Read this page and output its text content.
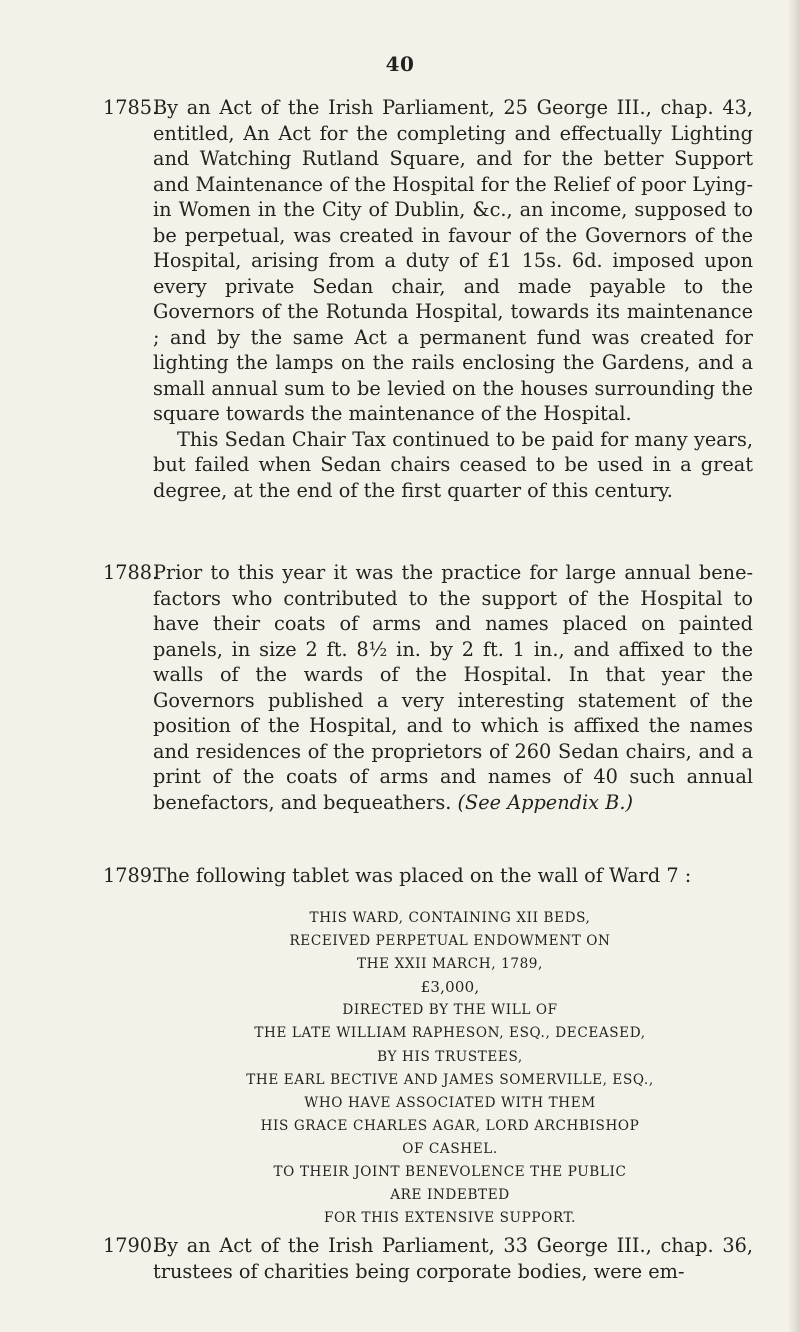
40
1785.

By an Act of the Irish Parliament, 25 George III., chap. 43, entitled, An Act for the completing and effectually Lighting and Watching Rutland Square, and for the better Support and Maintenance of the Hospital for the Relief of poor Lying-in Women in the City of Dublin, &c., an income, supposed to be perpetual, was created in favour of the Governors of the Hospital, arising from a duty of £1 15s. 6d. imposed upon every private Sedan chair, and made payable to the Governors of the Rotunda Hospital, towards its maintenance ; and by the same Act a permanent fund was created for lighting the lamps on the rails enclosing the Gardens, and a small annual sum to be levied on the houses surrounding the square towards the maintenance of the Hospital.

This Sedan Chair Tax continued to be paid for many years, but failed when Sedan chairs ceased to be used in a great degree, at the end of the first quarter of this century.

1788.

Prior to this year it was the practice for large annual bene- factors who contributed to the support of the Hospital to have their coats of arms and names placed on painted panels, in size 2 ft. 8½ in. by 2 ft. 1 in., and affixed to the walls of the wards of the Hospital. In that year the Governors published a very interesting statement of the position of the Hospital, and to which is affixed the names and residences of the proprietors of 260 Sedan chairs, and a print of the coats of arms and names of 40 such annual benefactors, and bequeathers. (See Appendix B.)

1789.

The following tablet was placed on the wall of Ward 7 :

THIS WARD, CONTAINING XII BEDS,
RECEIVED PERPETUAL ENDOWMENT ON
THE XXII MARCH, 1789,
£3,000,
DIRECTED BY THE WILL OF
THE LATE WILLIAM RAPHESON, ESQ., DECEASED,
BY HIS TRUSTEES,
THE EARL BECTIVE AND JAMES SOMERVILLE, ESQ.,
WHO HAVE ASSOCIATED WITH THEM
HIS GRACE CHARLES AGAR, LORD ARCHBISHOP
OF CASHEL.
TO THEIR JOINT BENEVOLENCE THE PUBLIC
ARE INDEBTED
FOR THIS EXTENSIVE SUPPORT.
1790.

By an Act of the Irish Parliament, 33 George III., chap. 36, trustees of charities being corporate bodies, were em-
